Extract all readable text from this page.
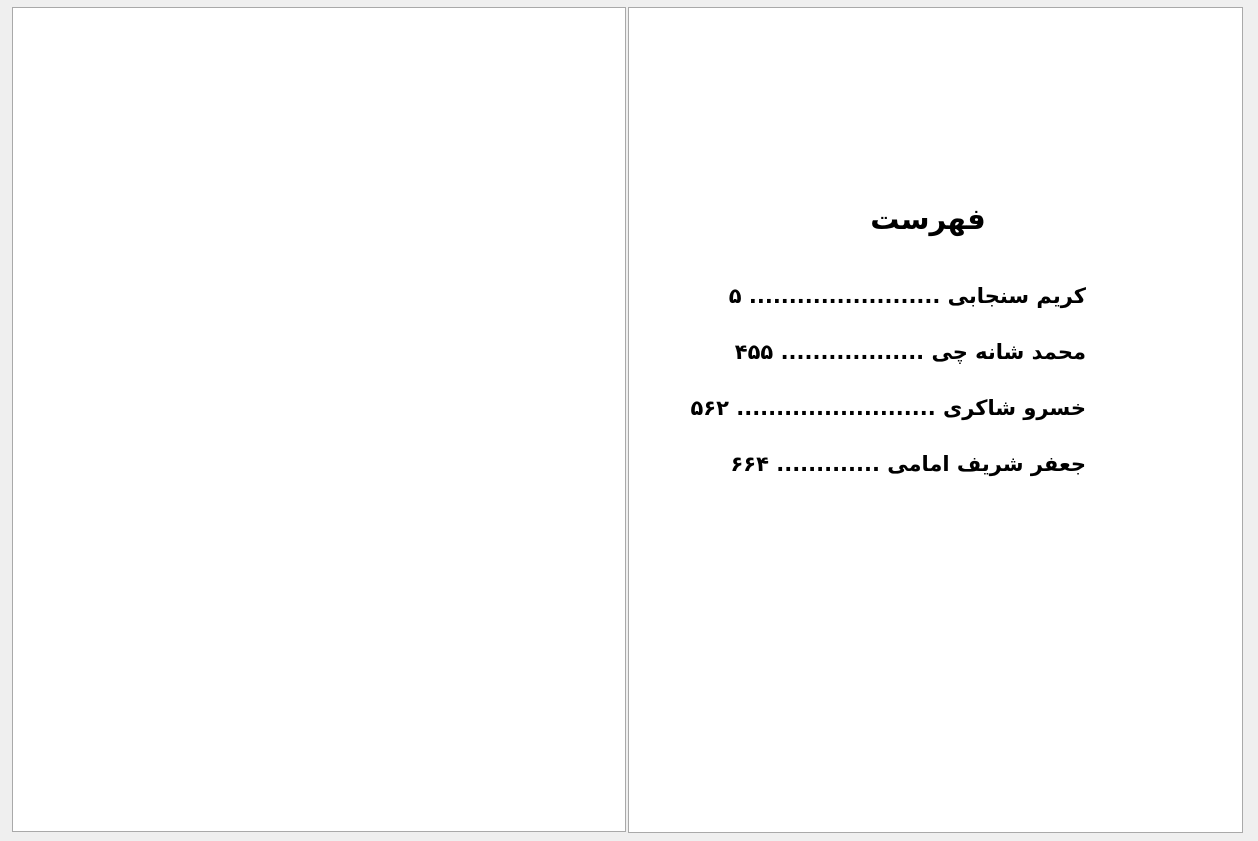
فهرست
کریم سنجابی ........................ ۵
محمد شانه چی .................. ۴۵۵
خسرو شاکری ......................... ۵۶۲
جعفر شریف امامی ............. ۶۶۴
